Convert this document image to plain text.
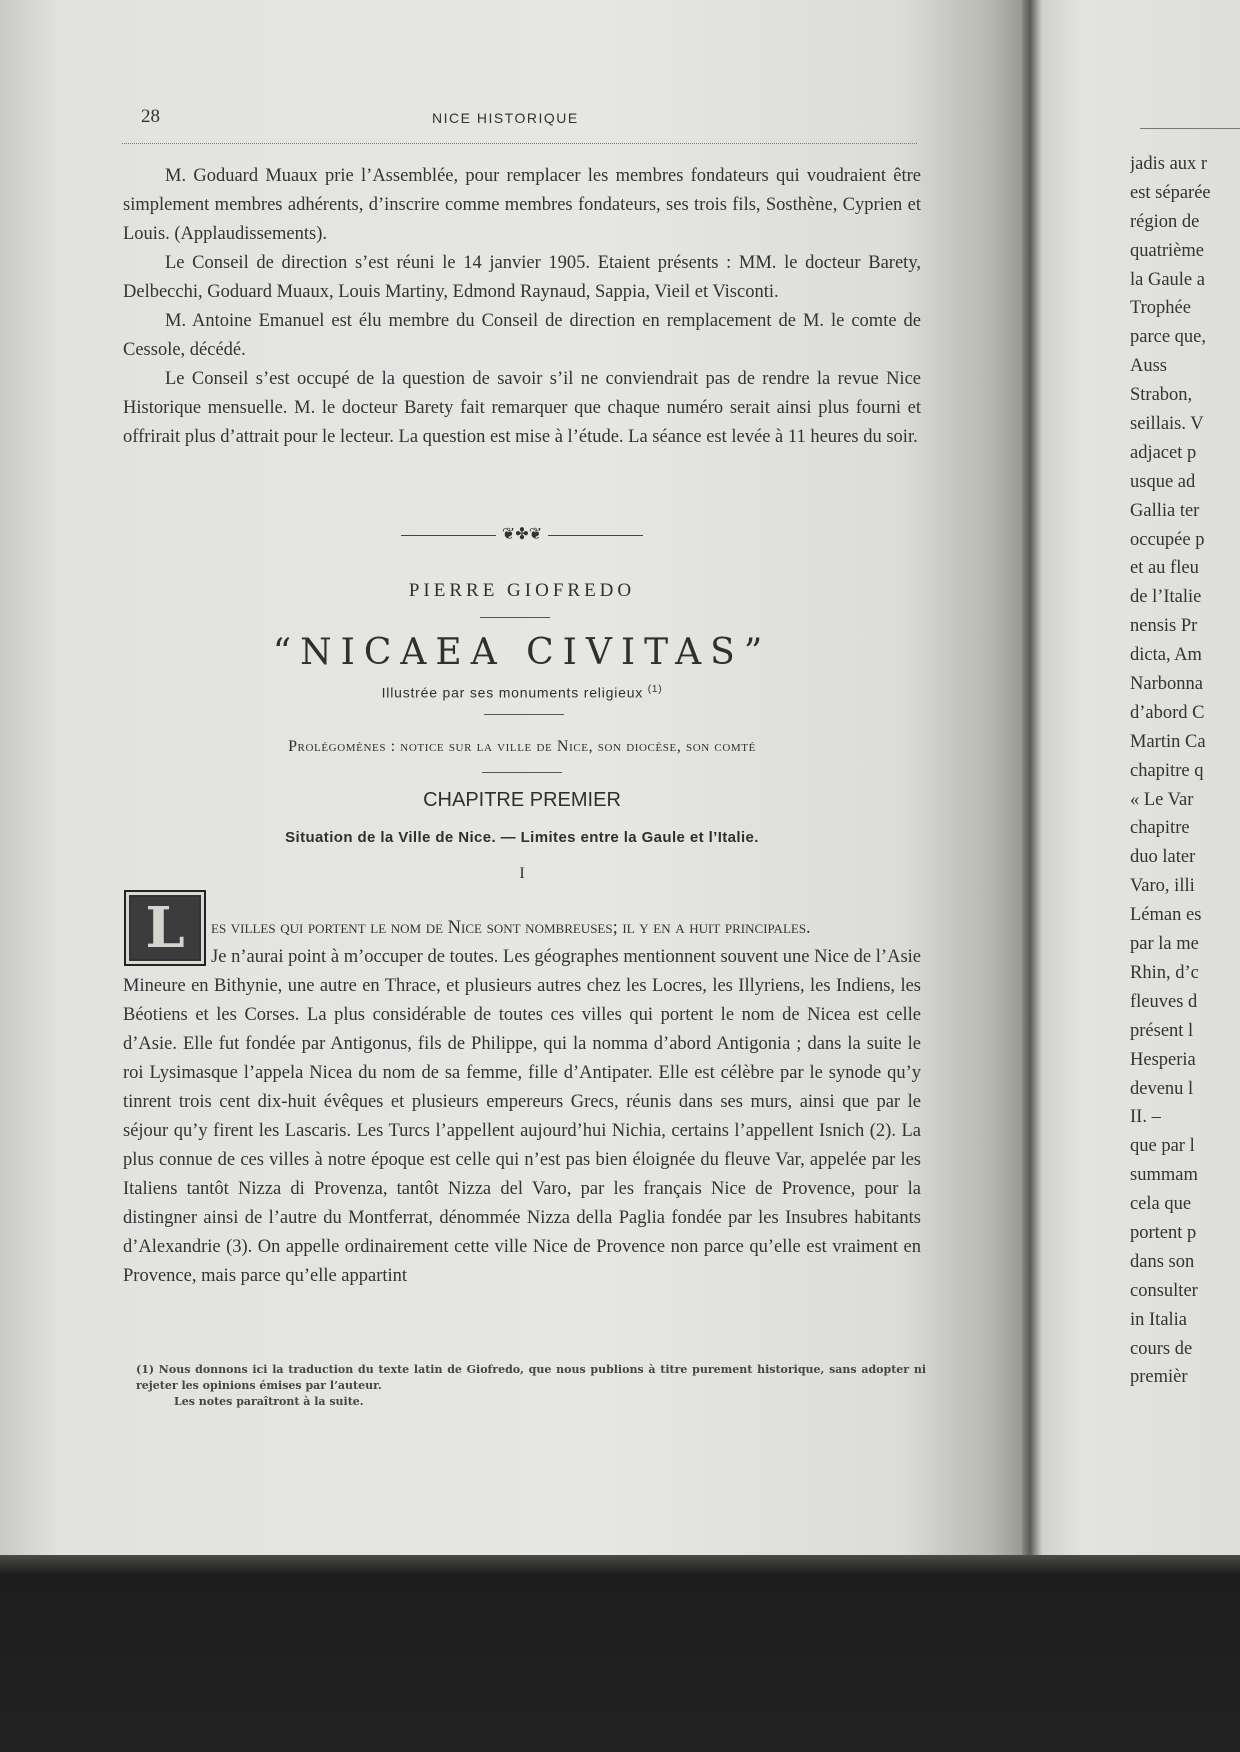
28	NICE HISTORIQUE

M. Goduard Muaux prie l’Assemblée, pour remplacer les membres fondateurs qui voudraient être simplement membres adhérents, d’inscrire comme membres fondateurs, ses trois fils, Sosthène, Cyprien et Louis. (Applaudissements).

Le Conseil de direction s’est réuni le 14 janvier 1905. Etaient présents : MM. le docteur Barety, Delbecchi, Goduard Muaux, Louis Martiny, Edmond Raynaud, Sappia, Vieil et Visconti.

M. Antoine Emanuel est élu membre du Conseil de direction en remplacement de M. le comte de Cessole, décédé.

Le Conseil s’est occupé de la question de savoir s’il ne conviendrait pas de rendre la revue Nice Historique mensuelle. M. le docteur Barety fait remarquer que chaque numéro serait ainsi plus fourni et offrirait plus d’attrait pour le lecteur. La question est mise à l’étude. La séance est levée à 11 heures du soir.

❦✤❦
PIERRE GIOFREDO
“NICAEA CIVITAS”
Illustrée par ses monuments religieux $^{(1)}$
Prolégomènes : notice sur la ville de Nice, son diocèse, son comté
CHAPITRE PREMIER
Situation de la Ville de Nice. — Limites entre la Gaule et l’Italie.
I
L	es villes qui portent le nom de Nice sont nombreuses; il y en a huit principales.

Je n’aurai point à m’occuper de toutes. Les géographes mentionnent souvent une Nice de l’Asie Mineure en Bithynie, une autre en Thrace, et plusieurs autres chez les Locres, les Illyriens, les Indiens, les Béotiens et les Corses. La plus considérable de toutes ces villes qui portent le nom de Nicea est celle d’Asie. Elle fut fondée par Antigonus, fils de Philippe, qui la nomma d’abord Antigonia ; dans la suite le roi Lysimasque l’appela Nicea du nom de sa femme, fille d’Antipater. Elle est célèbre par le synode qu’y tinrent trois cent dix-huit évêques et plusieurs empereurs Grecs, réunis dans ses murs, ainsi que par le séjour qu’y firent les Lascaris. Les Turcs l’appellent aujourd’hui Nichia, certains l’appellent Isnich (2). La plus connue de ces villes à notre époque est celle qui n’est pas bien éloignée du fleuve Var, appelée par les Italiens tantôt Nizza di Provenza, tantôt Nizza del Varo, par les français Nice de Provence, pour la distingner ainsi de l’autre du Montferrat, dénommée Nizza della Paglia fondée par les Insubres habitants d’Alexandrie (3). On appelle ordinairement cette ville Nice de Provence non parce qu’elle est vraiment en Provence, mais parce qu’elle appartint

(1) Nous donnons ici la traduction du texte latin de Giofredo, que nous publions à titre purement historique, sans adopter ni rejeter les opinions émises par l’auteur.

Les notes paraîtront à la suite.

jadis aux r
est séparée
région de
quatrième
la Gaule a
Trophée
parce que,
Auss
Strabon,
seillais. V
adjacet p
usque ad
Gallia ter
occupée p
et au fleu
de l’Italie
nensis Pr
dicta, Am
Narbonna
d’abord C
Martin Ca
chapitre q
« Le Var
chapitre
duo later
Varo, illi
Léman es
par la me
Rhin, d’c
fleuves d
présent l
Hesperia
devenu l
II. –
que par l
summam
cela que
portent p
dans son
consulter
in Italia
cours de
premièr
